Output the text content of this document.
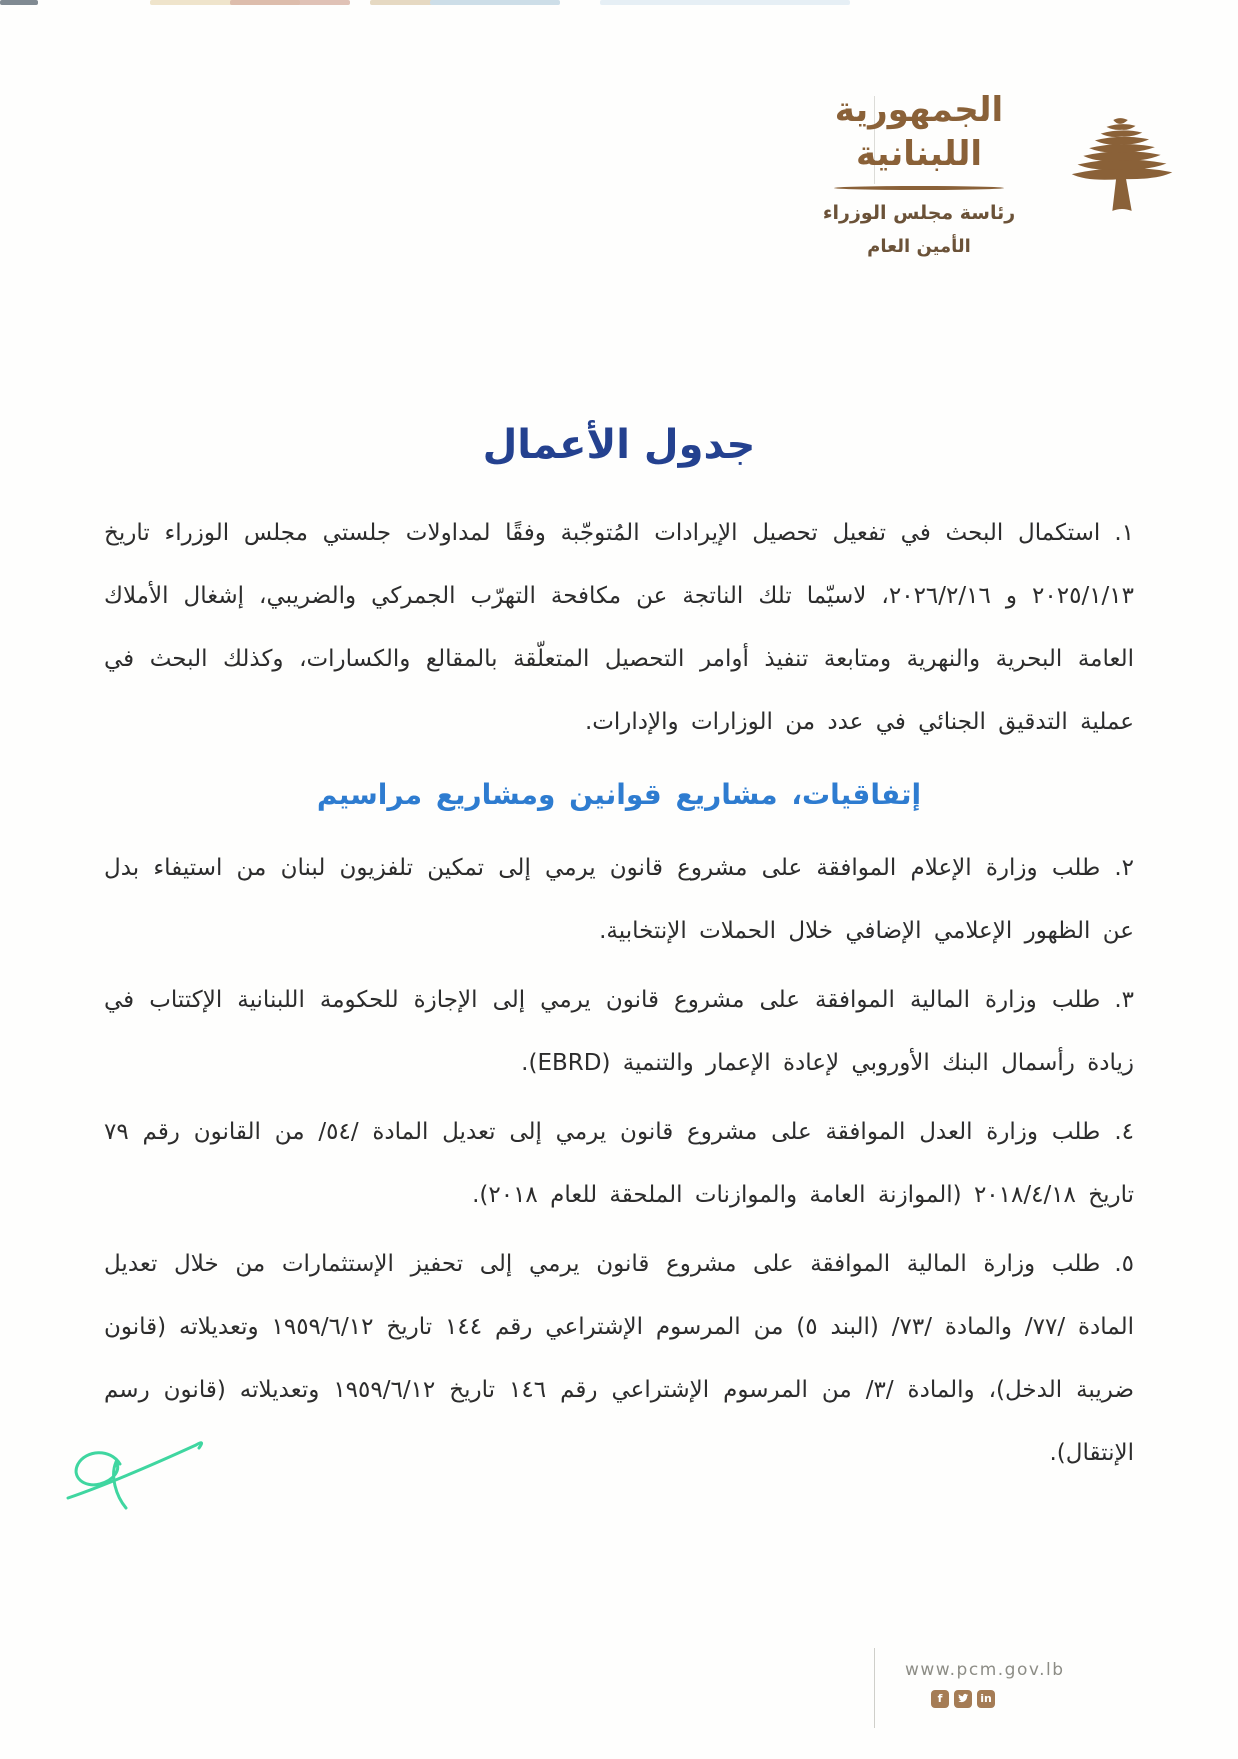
الجمهورية
اللبنانية
رئاسة مجلس الوزراء
الأمين العام
جدول الأعمال
١.استكمال البحث في تفعيل تحصيل الإيرادات المُتوجّبة وفقًا لمداولات جلستي مجلس الوزراء تاريخ ٢٠٢٥/١/١٣ و ٢٠٢٦/٢/١٦، لاسيّما تلك الناتجة عن مكافحة التهرّب الجمركي والضريبي، إشغال الأملاك العامة البحرية والنهرية ومتابعة تنفيذ أوامر التحصيل المتعلّقة بالمقالع والكسارات، وكذلك البحث في عملية التدقيق الجنائي في عدد من الوزارات والإدارات.
إتفاقيات، مشاريع قوانين ومشاريع مراسيم
٢.طلب وزارة الإعلام الموافقة على مشروع قانون يرمي إلى تمكين تلفزيون لبنان من استيفاء بدل عن الظهور الإعلامي الإضافي خلال الحملات الإنتخابية.
٣.طلب وزارة المالية الموافقة على مشروع قانون يرمي إلى الإجازة للحكومة اللبنانية الإكتتاب في زيادة رأسمال البنك الأوروبي لإعادة الإعمار والتنمية (EBRD).
٤.طلب وزارة العدل الموافقة على مشروع قانون يرمي إلى تعديل المادة /٥٤/ من القانون رقم ٧٩ تاريخ ٢٠١٨/٤/١٨ (الموازنة العامة والموازنات الملحقة للعام ٢٠١٨).
٥.طلب وزارة المالية الموافقة على مشروع قانون يرمي إلى تحفيز الإستثمارات من خلال تعديل المادة /٧٧/ والمادة /٧٣/ (البند ٥) من المرسوم الإشتراعي رقم ١٤٤ تاريخ ١٩٥٩/٦/١٢ وتعديلاته (قانون ضريبة الدخل)، والمادة /٣/ من المرسوم الإشتراعي رقم ١٤٦ تاريخ ١٩٥٩/٦/١٢ وتعديلاته (قانون رسم الإنتقال).
www.pcm.gov.lb
f	in
